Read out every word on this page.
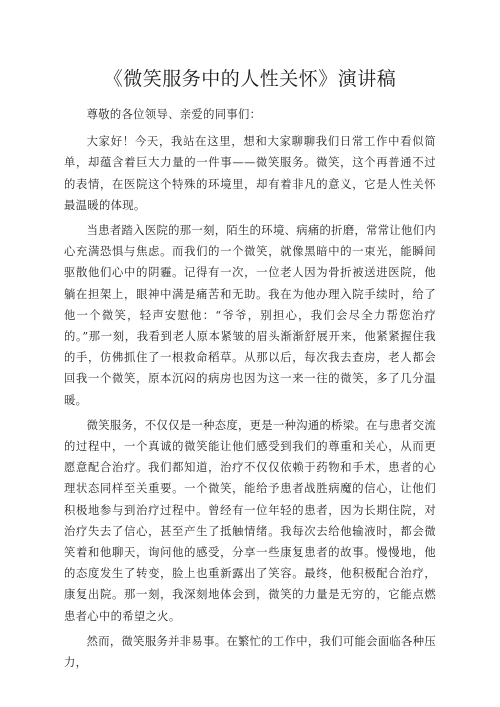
《微笑服务中的人性关怀》演讲稿

尊敬的各位领导、亲爱的同事们：

大家好！今天，我站在这里，想和大家聊聊我们日常工作中看似简单，却蕴含着巨大力量的一件事——微笑服务。微笑，这个再普通不过的表情，在医院这个特殊的环境里，却有着非凡的意义，它是人性关怀最温暖的体现。

当患者踏入医院的那一刻，陌生的环境、病痛的折磨，常常让他们内心充满恐惧与焦虑。而我们的一个微笑，就像黑暗中的一束光，能瞬间驱散他们心中的阴霾。记得有一次，一位老人因为骨折被送进医院，他躺在担架上，眼神中满是痛苦和无助。我在为他办理入院手续时，给了他一个微笑，轻声安慰他：“爷爷，别担心，我们会尽全力帮您治疗的。”那一刻，我看到老人原本紧皱的眉头渐渐舒展开来，他紧紧握住我的手，仿佛抓住了一根救命稻草。从那以后，每次我去查房，老人都会回我一个微笑，原本沉闷的病房也因为这一来一往的微笑，多了几分温暖。

微笑服务，不仅仅是一种态度，更是一种沟通的桥梁。在与患者交流的过程中，一个真诚的微笑能让他们感受到我们的尊重和关心，从而更愿意配合治疗。我们都知道，治疗不仅仅依赖于药物和手术，患者的心理状态同样至关重要。一个微笑，能给予患者战胜病魔的信心，让他们积极地参与到治疗过程中。曾经有一位年轻的患者，因为长期住院，对治疗失去了信心，甚至产生了抵触情绪。我每次去给他输液时，都会微笑着和他聊天，询问他的感受，分享一些康复患者的故事。慢慢地，他的态度发生了转变，脸上也重新露出了笑容。最终，他积极配合治疗，康复出院。那一刻，我深刻地体会到，微笑的力量是无穷的，它能点燃患者心中的希望之火。

然而，微笑服务并非易事。在繁忙的工作中，我们可能会面临各种压力，
